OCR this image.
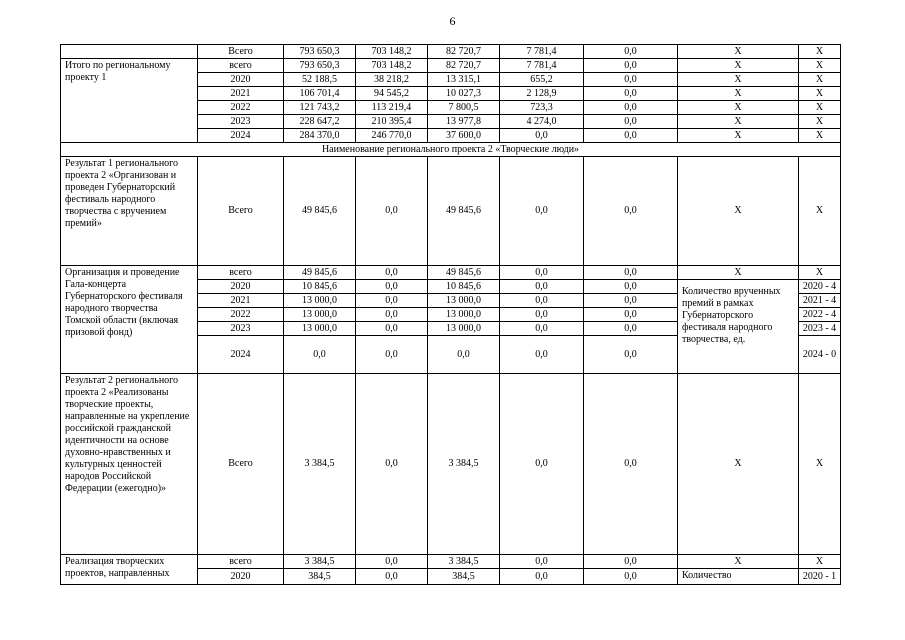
6
	Всего	793 650,3	703 148,2	82 720,7	7 781,4	0,0	Х	Х
Итого по региональному проекту 1	всего	793 650,3	703 148,2	82 720,7	7 781,4	0,0	Х	Х
	2020	52 188,5	38 218,2	13 315,1	655,2	0,0	Х	Х
	2021	106 701,4	94 545,2	10 027,3	2 128,9	0,0	Х	Х
	2022	121 743,2	113 219,4	7 800,5	723,3	0,0	Х	Х
	2023	228 647,2	210 395,4	13 977,8	4 274,0	0,0	Х	Х
	2024	284 370,0	246 770,0	37 600,0	0,0	0,0	Х	Х
Наименование регионального проекта 2 «Творческие люди»								
Результат 1 регионального проекта 2 «Организован и проведен Губернаторский фестиваль народного творчества с вручением премий»	Всего	49 845,6	0,0	49 845,6	0,0	0,0	Х	Х
Организация и проведение Гала-концерта Губернаторского фестиваля народного творчества Томской области (включая призовой фонд)	всего	49 845,6	0,0	49 845,6	0,0	0,0	Х	Х
	2020	10 845,6	0,0	10 845,6	0,0	0,0	Количество врученных премий в рамках Губернаторского фестиваля народного творчества, ед.	2020 - 4
	2021	13 000,0	0,0	13 000,0	0,0	0,0		2021 - 4
	2022	13 000,0	0,0	13 000,0	0,0	0,0		2022 - 4
	2023	13 000,0	0,0	13 000,0	0,0	0,0		2023 - 4
	2024	0,0	0,0	0,0	0,0	0,0		2024 - 0
Результат 2 регионального проекта 2 «Реализованы творческие проекты, направленные на укрепление российской гражданской идентичности на основе духовно-нравственных и культурных ценностей народов Российской Федерации (ежегодно)»	Всего	3 384,5	0,0	3 384,5	0,0	0,0	Х	Х
Реализация творческих проектов, направленных	всего	3 384,5	0,0	3 384,5	0,0	0,0	Х	Х
	2020	384,5	0,0	384,5	0,0	0,0	Количество	2020 - 1
